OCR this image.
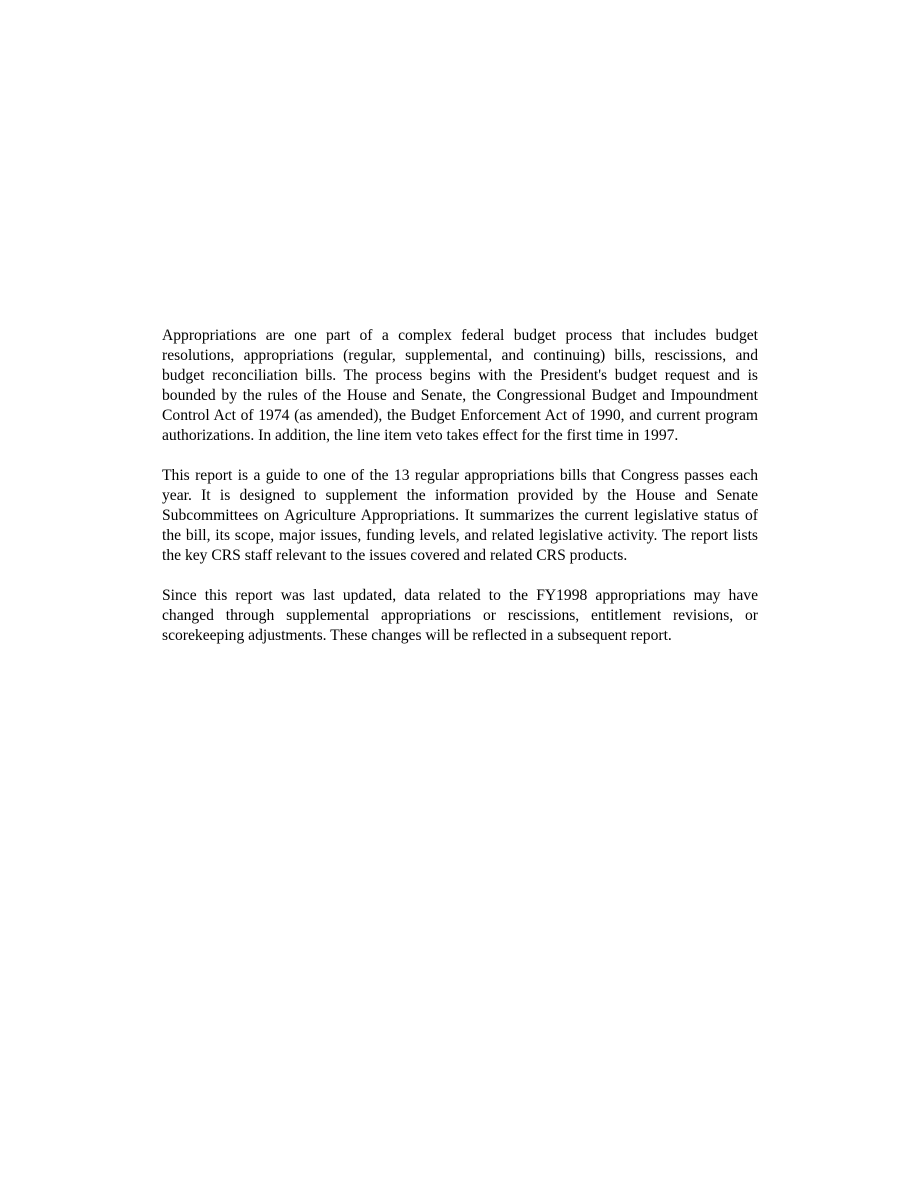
Appropriations are one part of a complex federal budget process that includes budget resolutions, appropriations (regular, supplemental, and continuing) bills, rescissions, and budget reconciliation bills. The process begins with the President's budget request and is bounded by the rules of the House and Senate, the Congressional Budget and Impoundment Control Act of 1974 (as amended), the Budget Enforcement Act of 1990, and current program authorizations. In addition, the line item veto takes effect for the first time in 1997.

This report is a guide to one of the 13 regular appropriations bills that Congress passes each year. It is designed to supplement the information provided by the House and Senate Subcommittees on Agriculture Appropriations. It summarizes the current legislative status of the bill, its scope, major issues, funding levels, and related legislative activity. The report lists the key CRS staff relevant to the issues covered and related CRS products.

Since this report was last updated, data related to the FY1998 appropriations may have changed through supplemental appropriations or rescissions, entitlement revisions, or scorekeeping adjustments. These changes will be reflected in a subsequent report.
